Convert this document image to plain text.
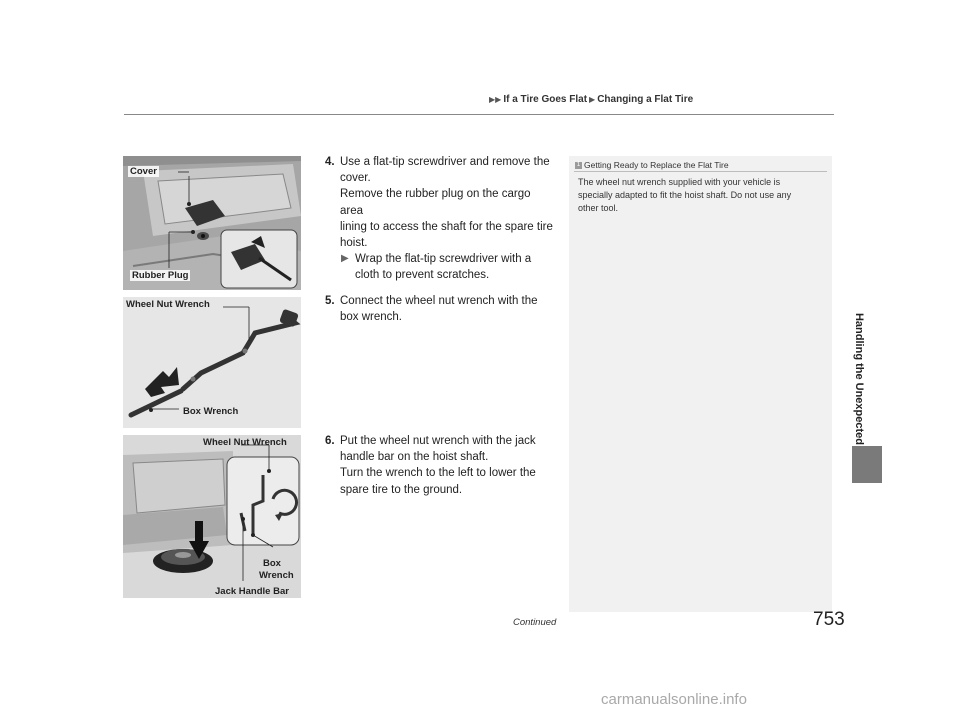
▶▶ If a Tire Goes Flat ▶ Changing a Flat Tire
Handling the Unexpected
Cover
Rubber Plug
Wheel Nut Wrench
Box Wrench
Wheel Nut Wrench
Box
Wrench
Jack Handle Bar
4. Use a flat-tip screwdriver and remove the
cover.
Remove the rubber plug on the cargo area
lining to access the shaft for the spare tire
hoist.
▶ Wrap the flat-tip screwdriver with a
cloth to prevent scratches.
5. Connect the wheel nut wrench with the
box wrench.
6. Put the wheel nut wrench with the jack
handle bar on the hoist shaft.
Turn the wrench to the left to lower the
spare tire to the ground.
1 Getting Ready to Replace the Flat Tire
The wheel nut wrench supplied with your vehicle is
specially adapted to fit the hoist shaft. Do not use any
other tool.
Continued	753
carmanualsonline.info
